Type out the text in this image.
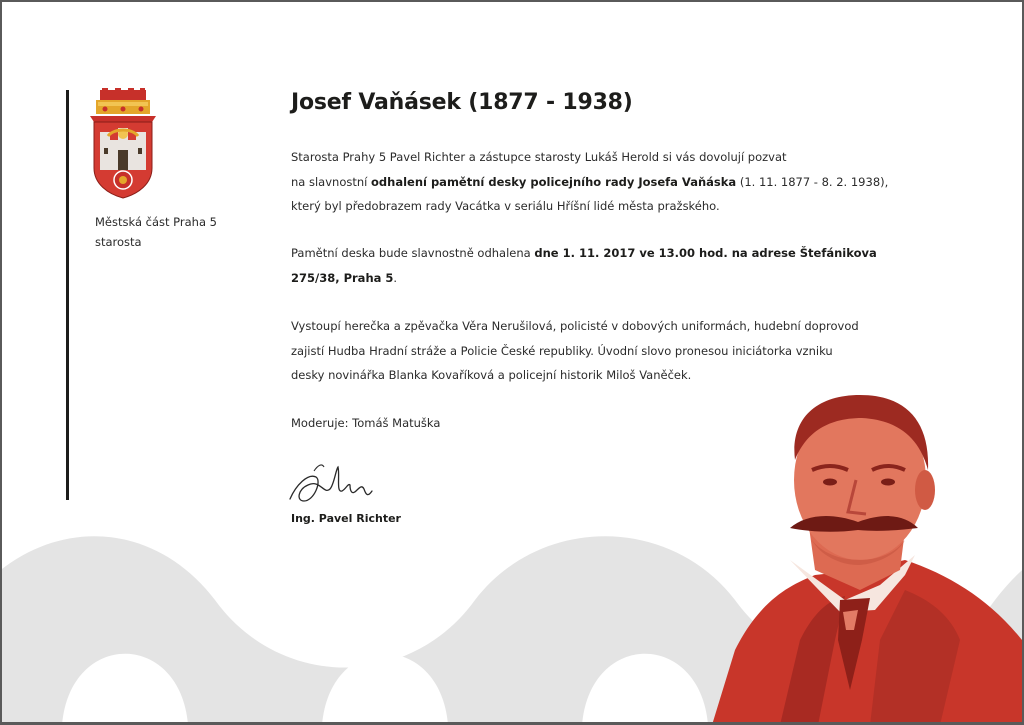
Městská část Praha 5
starosta
Josef Vaňásek (1877 - 1938)
Starosta Prahy 5 Pavel Richter a zástupce starosty Lukáš Herold si vás dovolují pozvat
na slavnostní odhalení pamětní desky policejního rady Josefa Vaňáska (1. 11. 1877 - 8. 2. 1938),
který byl předobrazem rady Vacátka v seriálu Hříšní lidé města pražského.
Pamětní deska bude slavnostně odhalena dne 1. 11. 2017 ve 13.00 hod. na adrese Štefánikova
275/38, Praha 5.
Vystoupí herečka a zpěvačka Věra Nerušilová, policisté v dobových uniformách, hudební doprovod
zajistí Hudba Hradní stráže a Policie České republiky. Úvodní slovo pronesou iniciátorka vzniku
desky novinářka Blanka Kovaříková a policejní historik Miloš Vaněček.
Moderuje: Tomáš Matuška
Ing. Pavel Richter
